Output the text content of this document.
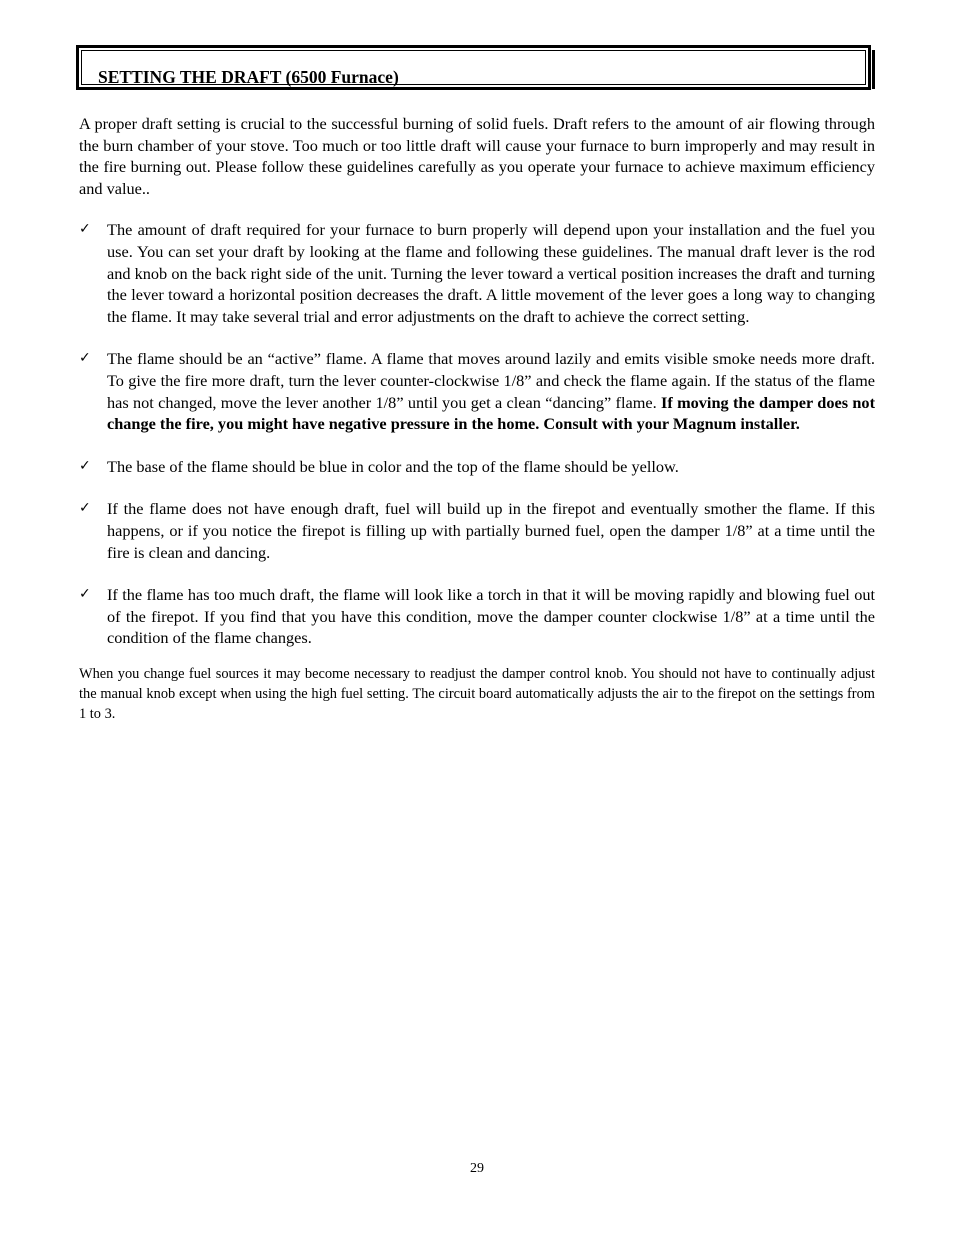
SETTING THE DRAFT (6500 Furnace)

A proper draft setting is crucial to the successful burning of solid fuels. Draft refers to the amount of air flowing through the burn chamber of your stove. Too much or too little draft will cause your furnace to burn improperly and may result in the fire burning out. Please follow these guidelines carefully as you operate your furnace to achieve maximum efficiency and value..

✓ The amount of draft required for your furnace to burn properly will depend upon your installation and the fuel you use. You can set your draft by looking at the flame and following these guidelines. The manual draft lever is the rod and knob on the back right side of the unit. Turning the lever toward a vertical position increases the draft and turning the lever toward a horizontal position decreases the draft. A little movement of the lever goes a long way to changing the flame. It may take several trial and error adjustments on the draft to achieve the correct setting.
✓ The flame should be an “active” flame. A flame that moves around lazily and emits visible smoke needs more draft. To give the fire more draft, turn the lever counter-clockwise 1/8” and check the flame again. If the status of the flame has not changed, move the lever another 1/8” until you get a clean “dancing” flame. If moving the damper does not change the fire, you might have negative pressure in the home. Consult with your Magnum installer.
✓ The base of the flame should be blue in color and the top of the flame should be yellow.
✓ If the flame does not have enough draft, fuel will build up in the firepot and eventually smother the flame. If this happens, or if you notice the firepot is filling up with partially burned fuel, open the damper 1/8” at a time until the fire is clean and dancing.
✓ If the flame has too much draft, the flame will look like a torch in that it will be moving rapidly and blowing fuel out of the firepot. If you find that you have this condition, move the damper counter clockwise 1/8” at a time until the condition of the flame changes.

When you change fuel sources it may become necessary to readjust the damper control knob. You should not have to continually adjust the manual knob except when using the high fuel setting. The circuit board automatically adjusts the air to the firepot on the settings from 1 to 3.

29
